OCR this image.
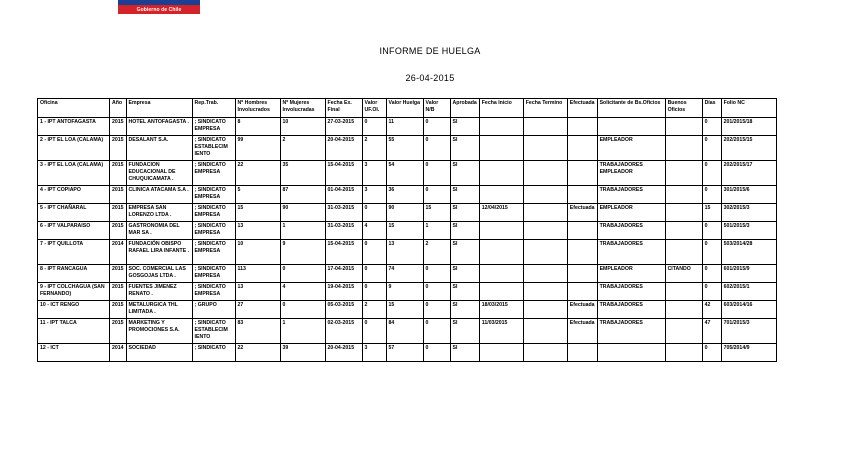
Gobierno de Chile
INFORME DE HUELGA
26-04-2015
Oficina	Año	Empresa	Rep.Trab.	Nº Hombres Involucrados	Nº Mujeres Involucradas	Fecha Ex. Final	Valor UF.OI.	Valor Huelga	Valor N/B	Aprobada	Fecha Inicio	Fecha Termino	Efectuada	Solicitante de Bs.Oficios	Buenos Oficios	Días	Folio NC
1 - IPT ANTOFAGASTA	2015	HOTEL ANTOFAGASTA .	; SINDICATO EMPRESA	8	10	27-03-2015	0	11	0	SI						0	201/2015/18
2 - IPT EL LOA (CALAMA)	2015	DESALANT S.A.	; SINDICATO ESTABLECIM IENTO	99	2	20-04-2015	2	55	0	SI				EMPLEADOR		0	202/2015/15
3 - IPT EL LOA (CALAMA)	2015	FUNDACION EDUCACIONAL DE CHUQUICAMATA .	; SINDICATO EMPRESA	22	35	15-04-2015	3	54	0	SI				TRABAJADORES EMPLEADOR		0	202/2015/17
4 - IPT COPIAPO	2015	CLINICA ATACAMA S.A .	; SINDICATO EMPRESA	5	87	01-04-2015	3	36	0	SI				TRABAJADORES		0	301/2015/6
5 - IPT CHAÑARAL	2015	EMPRESA SAN LORENZO LTDA .	; SINDICATO EMPRESA	15	90	31-03-2015	0	90	15	SI	12/04/2015		Efectuada	EMPLEADOR		15	302/2015/3
6 - IPT VALPARAISO	2015	GASTRONOMIA DEL MAR SA .	; SINDICATO EMPRESA	13	1	31-03-2015	4	15	1	SI				TRABAJADORES		0	501/2015/3
7 - IPT QUILLOTA	2014	FUNDACIÓN OBISPO RAFAEL LIRA INFANTE .	; SINDICATO EMPRESA	10	9	15-04-2015	0	13	2	SI				TRABAJADORES		0	503/2014/28
8 - IPT RANCAGUA	2015	SOC. COMERCIAL LAS GOSGOJAS LTDA .	; SINDICATO EMPRESA	113	0	17-04-2015	0	74	0	SI				EMPLEADOR	CITANDO	0	601/2015/9
9 - IPT COLCHAGUA (SAN FERNANDO)	2015	FUENTES JIMENEZ RENATO .	; SINDICATO EMPRESA	13	4	19-04-2015	0	9	0	SI				TRABAJADORES		0	602/2015/1
10 - ICT RENGO	2015	METALURGICA THL LIMITADA .	; GRUPO	27	0	05-03-2015	2	15	0	SI	18/03/2015		Efectuada	TRABAJADORES		42	603/2014/16
11 - IPT TALCA	2015	MARKETING Y PROMOCIONES S.A.	; SINDICATO ESTABLECIM IENTO	83	1	02-03-2015	0	84	0	SI	11/03/2015		Efectuada	TRABAJADORES		47	701/2015/3
12 - ICT	2014	SOCIEDAD	; SINDICATO	22	39	20-04-2015	3	57	0	SI						0	705/2014/9
